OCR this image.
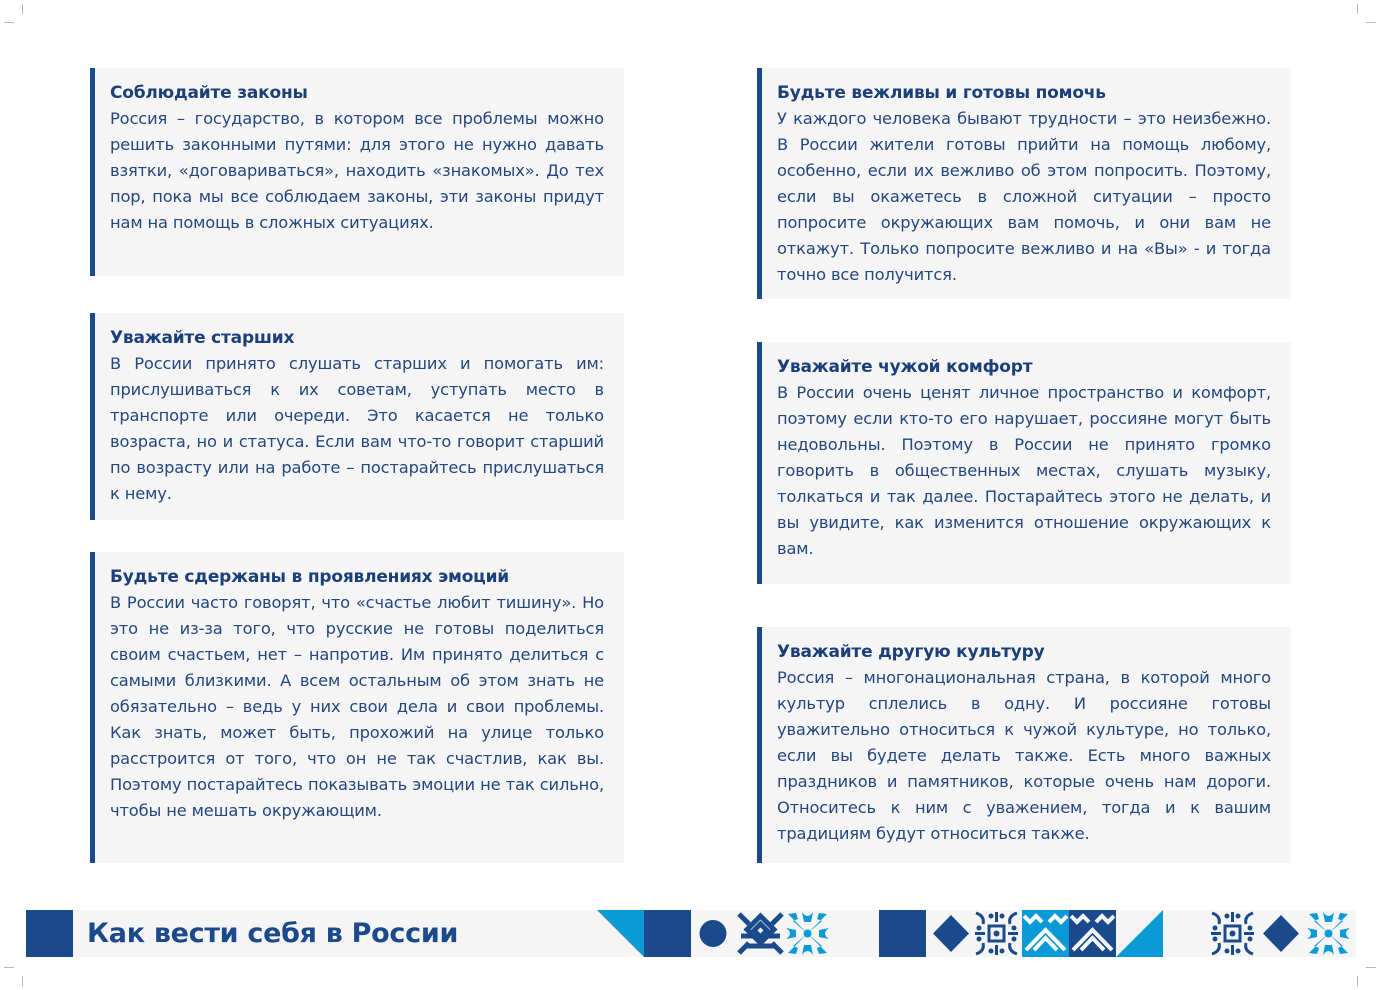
Соблюдайте законы

Россия – государство, в котором все проблемы можно решить законными путями: для этого не нужно давать взятки, «договариваться», находить «знакомых». До тех пор, пока мы все соблюдаем законы, эти законы придут нам на помощь в сложных ситуациях.

Уважайте старших

В России принято слушать старших и помогать им: прислушиваться к их советам, уступать место в транспорте или очереди. Это касается не только возраста, но и статуса. Если вам что-то говорит старший по возрасту или на работе – постарайтесь прислушаться к нему.

Будьте сдержаны в проявлениях эмоций

В России часто говорят, что «счастье любит тишину». Но это не из-за того, что русские не готовы поделиться своим счастьем, нет – напротив. Им принято делиться с самыми близкими. А всем остальным об этом знать не обязательно – ведь у них свои дела и свои проблемы. Как знать, может быть, прохожий на улице только расстроится от того, что он не так счастлив, как вы. Поэтому постарайтесь показывать эмоции не так сильно, чтобы не мешать окружающим.

Будьте вежливы и готовы помочь

У каждого человека бывают трудности – это неизбежно. В России жители готовы прийти на помощь любому, особенно, если их вежливо об этом попросить. Поэтому, если вы окажетесь в сложной ситуации – просто попросите окружающих вам помочь, и они вам не откажут. Только попросите вежливо и на «Вы» - и тогда точно все получится.

Уважайте чужой комфорт

В России очень ценят личное пространство и комфорт, поэтому если кто-то его нарушает, россияне могут быть недовольны. Поэтому в России не принято громко говорить в общественных местах, слушать музыку, толкаться и так далее. Постарайтесь этого не делать, и вы увидите, как изменится отношение окружающих к вам.

Уважайте другую культуру

Россия – многонациональная страна, в которой много культур сплелись в одну. И россияне готовы уважительно относиться к чужой культуре, но только, если вы будете делать также. Есть много важных праздников и памятников, которые очень нам дороги. Относитесь к ним с уважением, тогда и к вашим традициям будут относиться также.

Как вести себя в России
